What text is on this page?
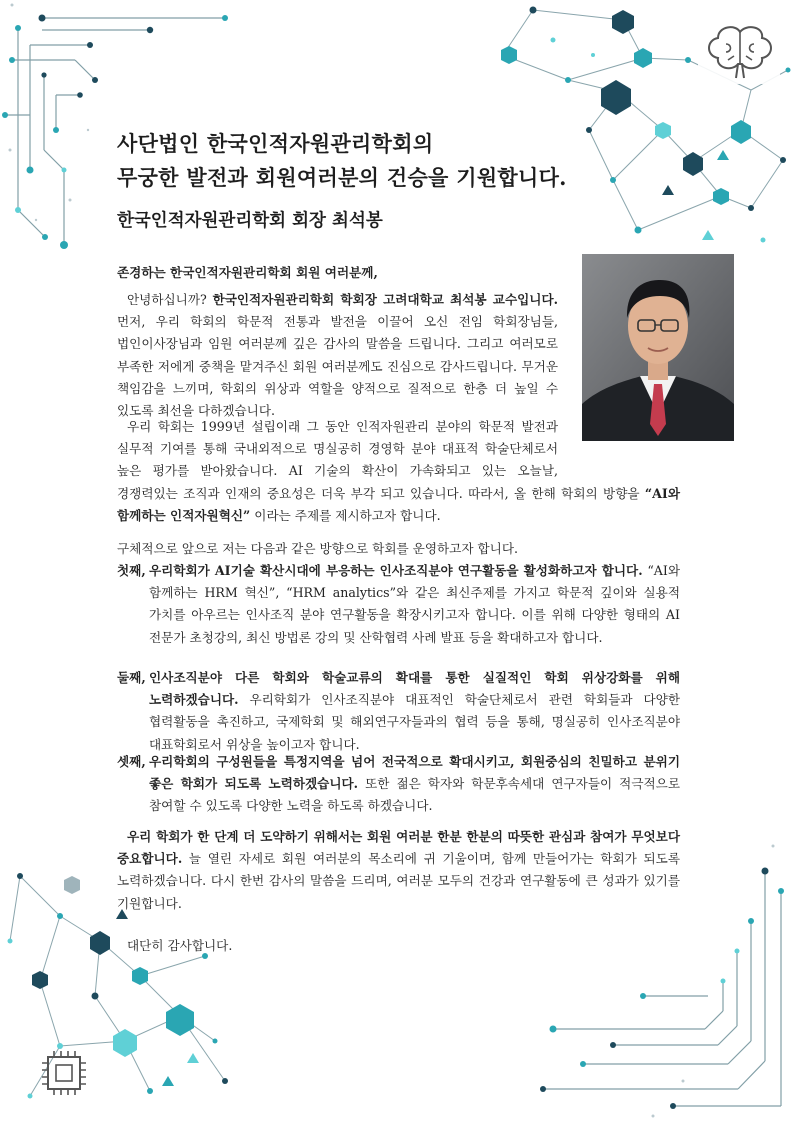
사단법인 한국인적자원관리학회의
무궁한 발전과 회원여러분의 건승을 기원합니다.
한국인적자원관리학회 회장 최석봉
존경하는 한국인적자원관리학회 회원 여러분께,
안녕하십니까? 한국인적자원관리학회 학회장 고려대학교 최석봉 교수입니다. 먼저, 우리 학회의 학문적 전통과 발전을 이끌어 오신 전임 학회장님들, 법인이사장님과 임원 여러분께 깊은 감사의 말씀을 드립니다. 그리고 여러모로 부족한 저에게 중책을 맡겨주신 회원 여러분께도 진심으로 감사드립니다. 무거운 책임감을 느끼며, 학회의 위상과 역할을 양적으로 질적으로 한층 더 높일 수 있도록 최선을 다하겠습니다.
우리 학회는 1999년 설립이래 그 동안 인적자원관리 분야의 학문적 발전과 실무적 기여를 통해 국내외적으로 명실공히 경영학 분야 대표적 학술단체로서 높은 평가를 받아왔습니다. AI 기술의 확산이 가속화되고 있는 오늘날, 경쟁력있는 조직과 인재의 중요성은 더욱 부각 되고 있습니다. 따라서, 올 한해 학회의 방향을 “AI와 함께하는 인적자원혁신” 이라는 주제를 제시하고자 합니다.
구체적으로 앞으로 저는 다음과 같은 방향으로 학회를 운영하고자 합니다.
첫째, 우리학회가 AI기술 확산시대에 부응하는 인사조직분야 연구활동을 활성화하고자 합니다. “AI와 함께하는 HRM 혁신”, “HRM analytics”와 같은 최신주제를 가지고 학문적 깊이와 실용적 가치를 아우르는 인사조직 분야 연구활동을 확장시키고자 합니다. 이를 위해 다양한 형태의 AI 전문가 초청강의, 최신 방법론 강의 및 산학협력 사례 발표 등을 확대하고자 합니다.
둘째, 인사조직분야 다른 학회와 학술교류의 확대를 통한 실질적인 학회 위상강화를 위해 노력하겠습니다. 우리학회가 인사조직분야 대표적인 학술단체로서 관련 학회들과 다양한 협력활동을 촉진하고, 국제학회 및 해외연구자들과의 협력 등을 통해, 명실공히 인사조직분야 대표학회로서 위상을 높이고자 합니다.
셋째, 우리학회의 구성원들을 특정지역을 넘어 전국적으로 확대시키고, 회원중심의 친밀하고 분위기 좋은 학회가 되도록 노력하겠습니다. 또한 젊은 학자와 학문후속세대 연구자들이 적극적으로 참여할 수 있도록 다양한 노력을 하도록 하겠습니다.
우리 학회가 한 단계 더 도약하기 위해서는 회원 여러분 한분 한분의 따뜻한 관심과 참여가 무엇보다 중요합니다. 늘 열린 자세로 회원 여러분의 목소리에 귀 기울이며, 함께 만들어가는 학회가 되도록 노력하겠습니다. 다시 한번 감사의 말씀을 드리며, 여러분 모두의 건강과 연구활동에 큰 성과가 있기를 기원합니다.
대단히 감사합니다.
